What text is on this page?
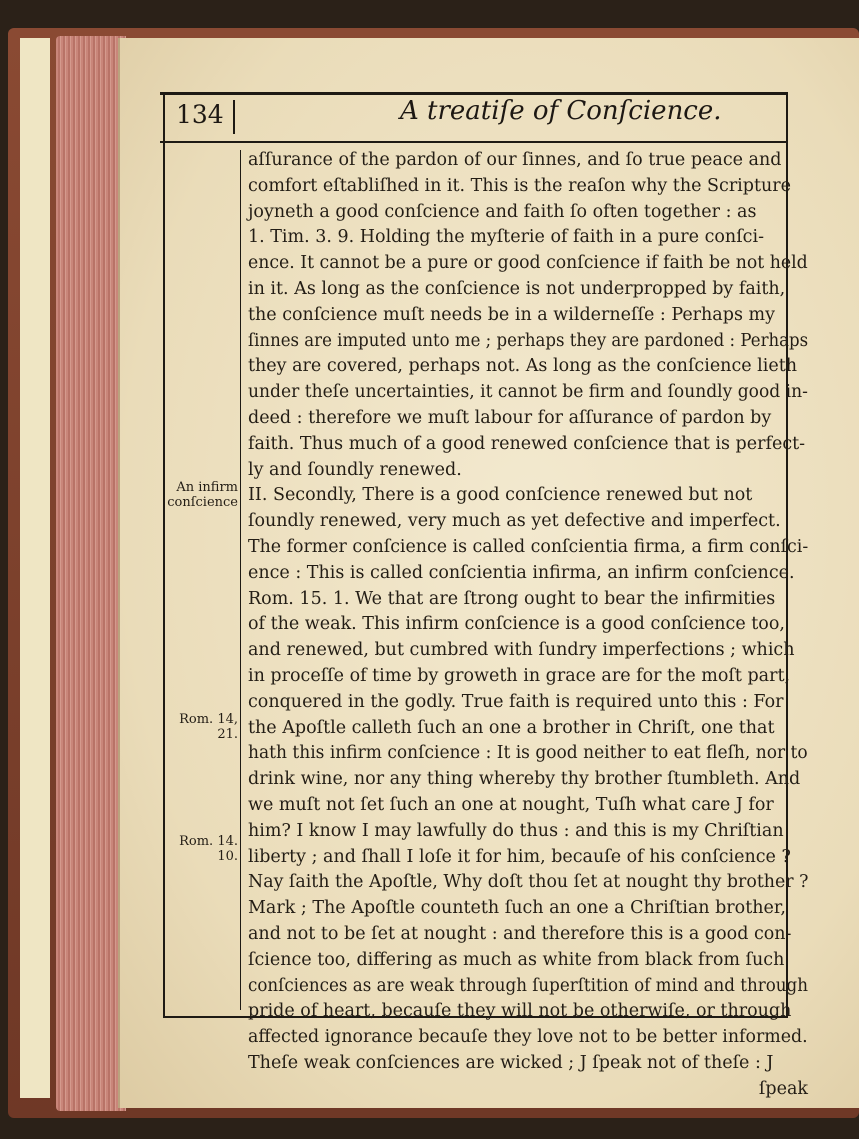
134	A treatiſe of Conſcience.
aſſurance of the pardon of our ſinnes, and ſo true peace and
comfort eſtabliſhed in it. This is the reaſon why the Scripture
joyneth a good conſcience and faith ſo often together : as
1. Tim. 3. 9. Holding the myſterie of faith in a pure conſci-
ence. It cannot be a pure or good conſcience if faith be not held
in it. As long as the conſcience is not underpropped by faith,
the conſcience muſt needs be in a wilderneſſe : Perhaps my
ſinnes are imputed unto me ; perhaps they are pardoned : Perhaps
they are covered, perhaps not. As long as the conſcience lieth
under theſe uncertainties, it cannot be firm and ſoundly good in-
deed : therefore we muſt labour for aſſurance of pardon by
faith. Thus much of a good renewed conſcience that is perfect-
ly and ſoundly renewed.
II. Secondly, There is a good conſcience renewed but not
ſoundly renewed, very much as yet defective and imperfect.
The former conſcience is called conſcientia firma, a firm conſci-
ence : This is called conſcientia infirma, an infirm conſcience.
Rom. 15. 1. We that are ſtrong ought to bear the infirmities
of the weak. This infirm conſcience is a good conſcience too,
and renewed, but cumbred with ſundry imperfections ; which
in proceſſe of time by groweth in grace are for the moſt part,
conquered in the godly. True faith is required unto this : For
the Apoſtle calleth ſuch an one a brother in Chriſt, one that
hath this infirm conſcience : It is good neither to eat fleſh, nor to
drink wine, nor any thing whereby thy brother ſtumbleth. And
we muſt not ſet ſuch an one at nought, Tuſh what care J for
him? I know I may lawfully do thus : and this is my Chriſtian
liberty ; and ſhall I loſe it for him, becauſe of his conſcience ?
Nay ſaith the Apoſtle, Why doſt thou ſet at nought thy brother ?
Mark ; The Apoſtle counteth ſuch an one a Chriſtian brother,
and not to be ſet at nought : and therefore this is a good con-
ſcience too, differing as much as white from black from ſuch
conſciences as are weak through ſuperſtition of mind and through
pride of heart, becauſe they will not be otherwiſe, or through
affected ignorance becauſe they love not to be better informed.
Theſe weak conſciences are wicked ; J ſpeak not of theſe : J
ſpeak
An infirm
conſcience
Rom. 14,
21.
Rom. 14.
10.
